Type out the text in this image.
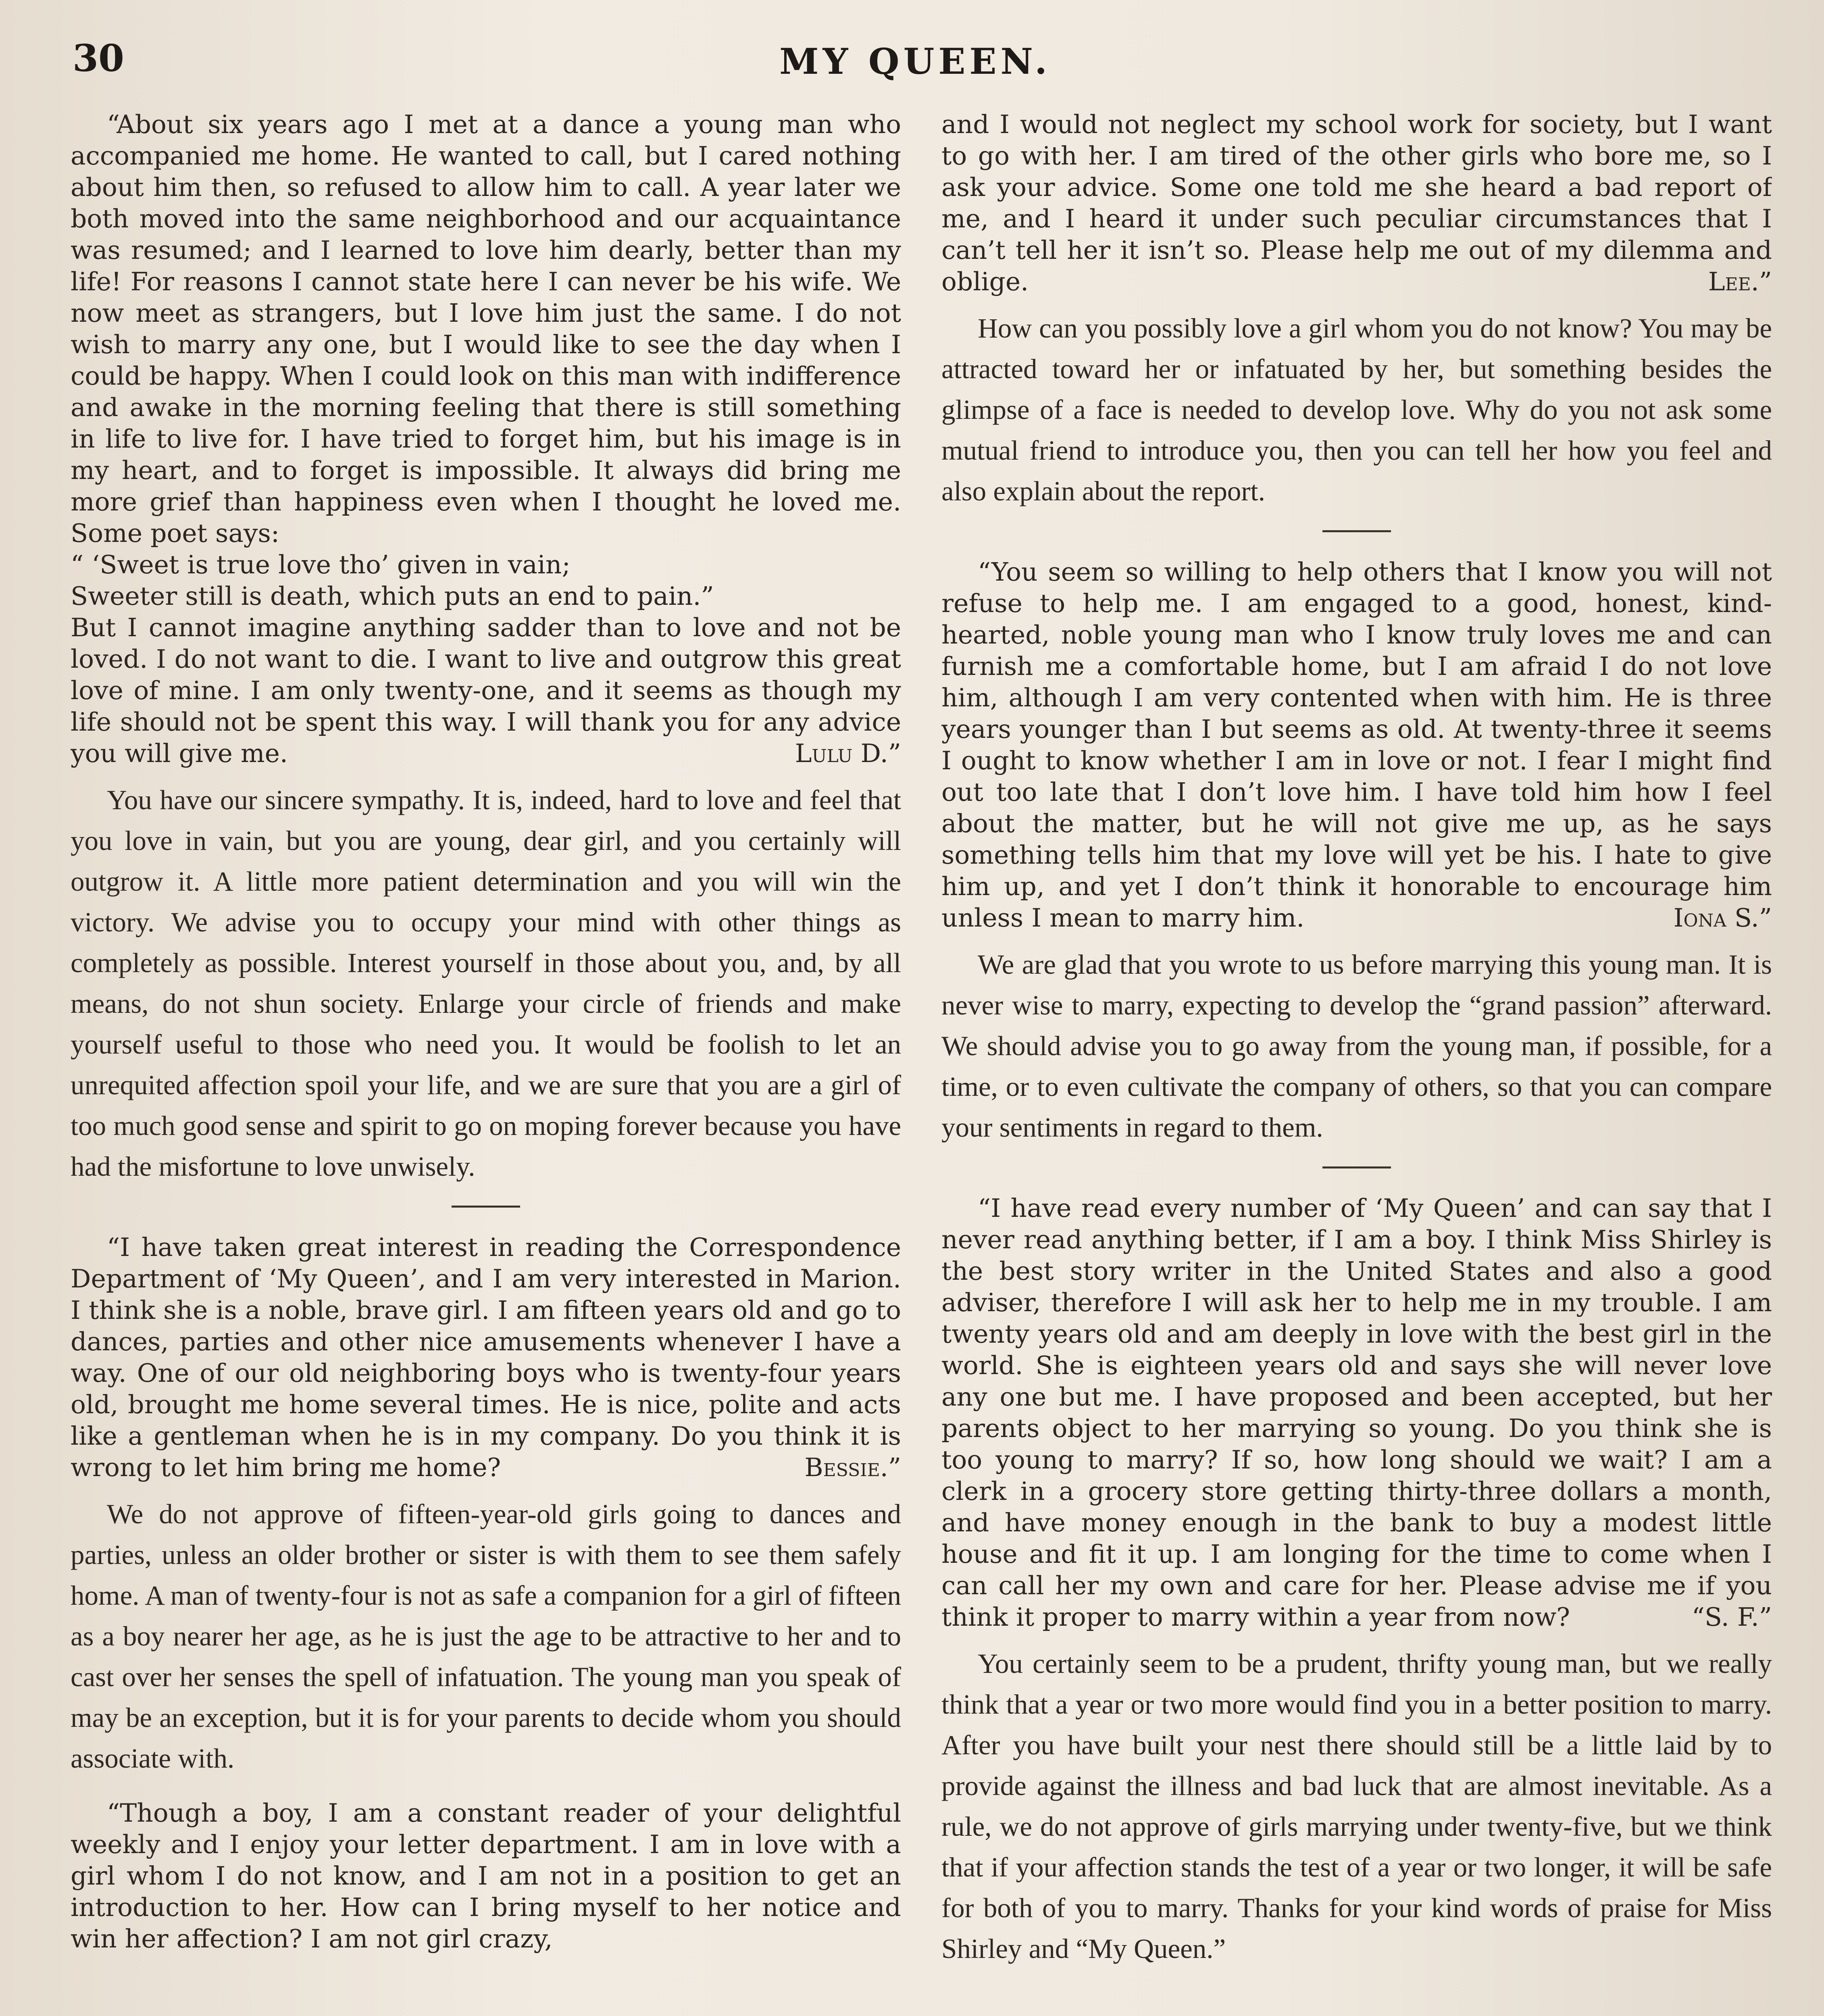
30	MY QUEEN.
“About six years ago I met at a dance a young man who accompanied me home. He wanted to call, but I cared nothing about him then, so refused to allow him to call. A year later we both moved into the same neighborhood and our acquaintance was resumed; and I learned to love him dearly, better than my life! For reasons I cannot state here I can never be his wife. We now meet as strangers, but I love him just the same. I do not wish to marry any one, but I would like to see the day when I could be happy. When I could look on this man with indifference and awake in the morning feeling that there is still something in life to live for. I have tried to forget him, but his image is in my heart, and to forget is impossible. It always did bring me more grief than happiness even when I thought he loved me. Some poet says:
“ ‘Sweet is true love tho’ given in vain;
Sweeter still is death, which puts an end to pain.”
But I cannot imagine anything sadder than to love and not be loved. I do not want to die. I want to live and outgrow this great love of mine. I am only twenty-one, and it seems as though my life should not be spent this way. I will thank you for any advice you will give me.	Lulu D.”

You have our sincere sympathy. It is, indeed, hard to love and feel that you love in vain, but you are young, dear girl, and you certainly will outgrow it. A little more patient determination and you will win the victory. We advise you to occupy your mind with other things as completely as possible. Interest yourself in those about you, and, by all means, do not shun society. Enlarge your circle of friends and make yourself useful to those who need you. It would be foolish to let an unrequited affection spoil your life, and we are sure that you are a girl of too much good sense and spirit to go on moping forever because you have had the misfortune to love unwisely.

“I have taken great interest in reading the Correspondence Department of ‘My Queen’, and I am very interested in Marion. I think she is a noble, brave girl. I am fifteen years old and go to dances, parties and other nice amusements whenever I have a way. One of our old neighboring boys who is twenty-four years old, brought me home several times. He is nice, polite and acts like a gentleman when he is in my company. Do you think it is wrong to let him bring me home?	Bessie.”

We do not approve of fifteen-year-old girls going to dances and parties, unless an older brother or sister is with them to see them safely home. A man of twenty-four is not as safe a companion for a girl of fifteen as a boy nearer her age, as he is just the age to be attractive to her and to cast over her senses the spell of infatuation. The young man you speak of may be an exception, but it is for your parents to decide whom you should associate with.

“Though a boy, I am a constant reader of your delightful weekly and I enjoy your letter department. I am in love with a girl whom I do not know, and I am not in a position to get an introduction to her. How can I bring myself to her notice and win her affection? I am not girl crazy,

and I would not neglect my school work for society, but I want to go with her. I am tired of the other girls who bore me, so I ask your advice. Some one told me she heard a bad report of me, and I heard it under such peculiar circumstances that I can’t tell her it isn’t so. Please help me out of my dilemma and oblige.	Lee.”

How can you possibly love a girl whom you do not know? You may be attracted toward her or infatuated by her, but something besides the glimpse of a face is needed to develop love. Why do you not ask some mutual friend to introduce you, then you can tell her how you feel and also explain about the report.

“You seem so willing to help others that I know you will not refuse to help me. I am engaged to a good, honest, kind-hearted, noble young man who I know truly loves me and can furnish me a comfortable home, but I am afraid I do not love him, although I am very contented when with him. He is three years younger than I but seems as old. At twenty-three it seems I ought to know whether I am in love or not. I fear I might find out too late that I don’t love him. I have told him how I feel about the matter, but he will not give me up, as he says something tells him that my love will yet be his. I hate to give him up, and yet I don’t think it honorable to encourage him unless I mean to marry him.	Iona S.”

We are glad that you wrote to us before marrying this young man. It is never wise to marry, expecting to develop the “grand passion” afterward. We should advise you to go away from the young man, if possible, for a time, or to even cultivate the company of others, so that you can compare your sentiments in regard to them.

“I have read every number of ‘My Queen’ and can say that I never read anything better, if I am a boy. I think Miss Shirley is the best story writer in the United States and also a good adviser, therefore I will ask her to help me in my trouble. I am twenty years old and am deeply in love with the best girl in the world. She is eighteen years old and says she will never love any one but me. I have proposed and been accepted, but her parents object to her marrying so young. Do you think she is too young to marry? If so, how long should we wait? I am a clerk in a grocery store getting thirty-three dollars a month, and have money enough in the bank to buy a modest little house and fit it up. I am longing for the time to come when I can call her my own and care for her. Please advise me if you think it proper to marry within a year from now?	“S. F.”

You certainly seem to be a prudent, thrifty young man, but we really think that a year or two more would find you in a better position to marry. After you have built your nest there should still be a little laid by to provide against the illness and bad luck that are almost inevitable. As a rule, we do not approve of girls marrying under twenty-five, but we think that if your affection stands the test of a year or two longer, it will be safe for both of you to marry. Thanks for your kind words of praise for Miss Shirley and “My Queen.”
